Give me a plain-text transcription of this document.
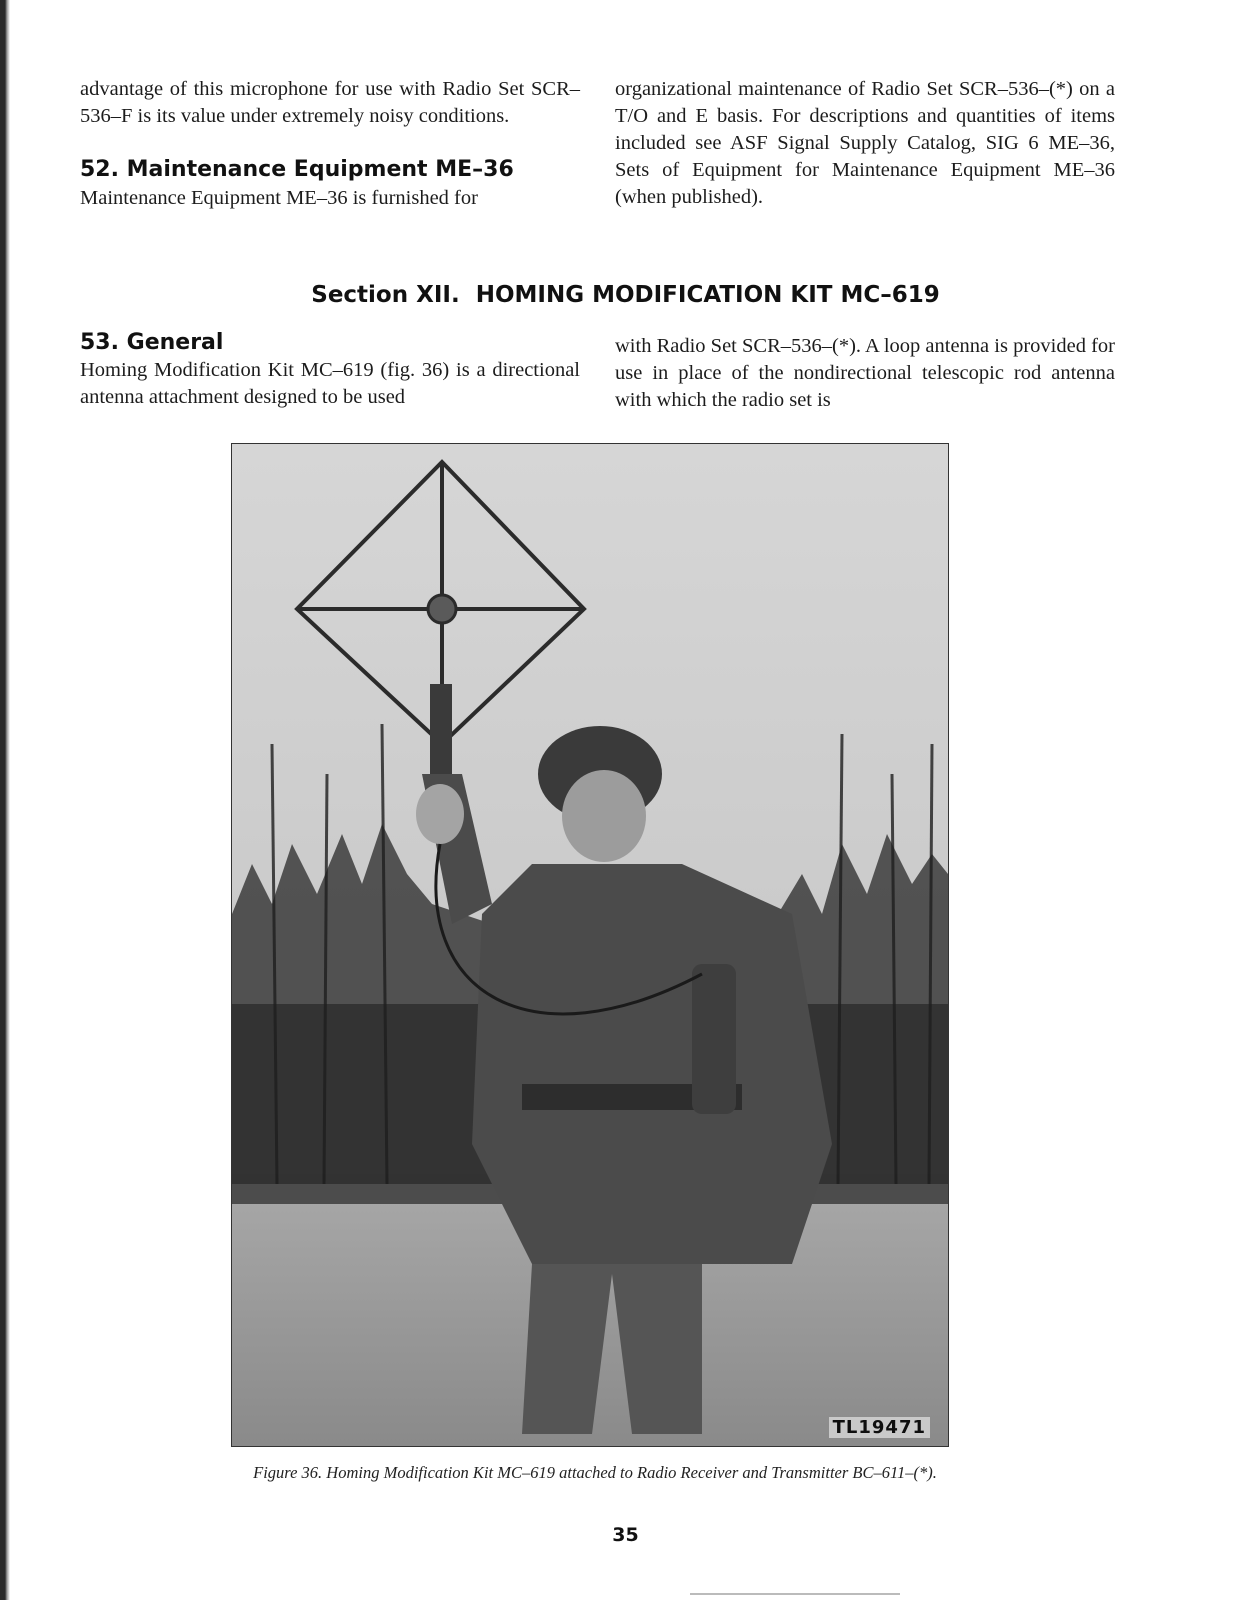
advantage of this microphone for use with Radio Set SCR–536–F is its value under extremely noisy conditions.

52. Maintenance Equipment ME–36

Maintenance Equipment ME–36 is furnished for

organizational maintenance of Radio Set SCR–536–(*) on a T/O and E basis. For descriptions and quantities of items included see ASF Signal Supply Catalog, SIG 6 ME–36, Sets of Equipment for Maintenance Equipment ME–36 (when published).

Section XII. HOMING MODIFICATION KIT MC–619
53. General

Homing Modification Kit MC–619 (fig. 36) is a directional antenna attachment designed to be used

with Radio Set SCR–536–(*). A loop antenna is provided for use in place of the nondirectional telescopic rod antenna with which the radio set is

TL19471
Figure 36. Homing Modification Kit MC–619 attached to Radio Receiver and Transmitter BC–611–(*).
35
